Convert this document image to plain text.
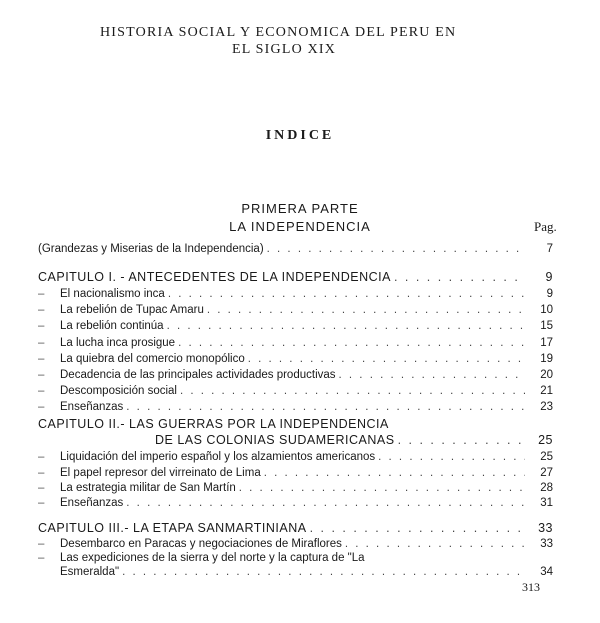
HISTORIA SOCIAL Y ECONOMICA DEL PERU EN
EL SIGLO XIX
INDICE
PRIMERA PARTE
LA INDEPENDENCIA	Pag.
(Grandezas y Miserias de la Independencia) . . .	7
CAPITULO I. - ANTECEDENTES DE LA INDEPENDENCIA . . .	9
–	El nacionalismo inca . . .	9
–	La rebelión de Tupac Amaru . . .	10
–	La rebelión continúa . . .	15
–	La lucha inca prosigue . . .	17
–	La quiebra del comercio monopólico . . .	19
–	Decadencia de las principales actividades productivas . . .	20
–	Descomposición social . . .	21
–	Enseñanzas . . .	23
CAPITULO II.- LAS GUERRAS POR LA INDEPENDENCIA
DE LAS COLONIAS SUDAMERICANAS . . .	25
–	Liquidación del imperio español y los alzamientos americanos . . .	25
–	El papel represor del virreinato de Lima . . .	27
–	La estrategia militar de San Martín . . .	28
–	Enseñanzas . . .	31
CAPITULO III.- LA ETAPA SANMARTINIANA . . .	33
–	Desembarco en Paracas y negociaciones de Miraflores . . .	33
–	Las expediciones de la sierra y del norte y la captura de "La
Esmeralda" . . .	34
313
